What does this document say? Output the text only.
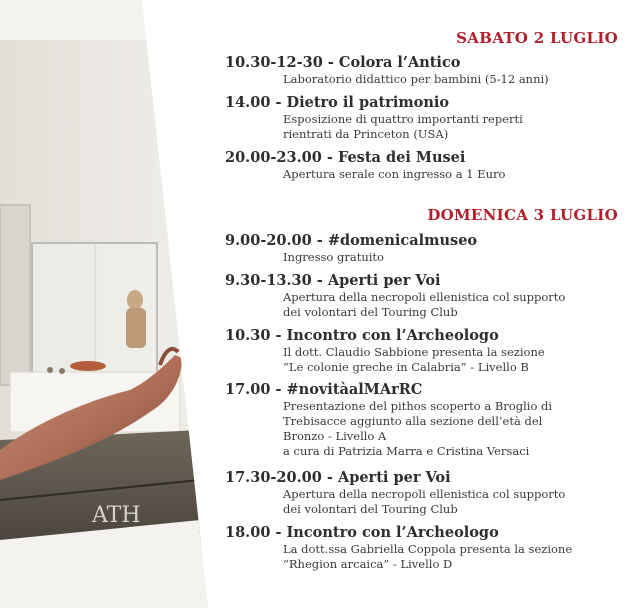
ATH
SABATO 2 LUGLIO
10.30-12-30 - Colora l’Antico
Laboratorio didattico per bambini (5-12 anni)
14.00 - Dietro il patrimonio
Esposizione di quattro importanti reperti
rientrati da Princeton (USA)
20.00-23.00 - Festa dei Musei
Apertura serale con ingresso a 1 Euro
DOMENICA 3 LUGLIO
9.00-20.00 - #domenicalmuseo
Ingresso gratuito
9.30-13.30 - Aperti per Voi
Apertura della necropoli ellenistica col supporto
dei volontari del Touring Club
10.30 - Incontro con l’Archeologo
Il dott. Claudio Sabbione presenta la sezione
“Le colonie greche in Calabria” - Livello B
17.00 - #novitàalMArRC
Presentazione del pithos scoperto a Broglio di
Trebisacce aggiunto alla sezione dell’età del
Bronzo - Livello A
a cura di Patrizia Marra e Cristina Versaci
17.30-20.00 - Aperti per Voi
Apertura della necropoli ellenistica col supporto
dei volontari del Touring Club
18.00 - Incontro con l’Archeologo
La dott.ssa Gabriella Coppola presenta la sezione
“Rhegion arcaica” - Livello D
